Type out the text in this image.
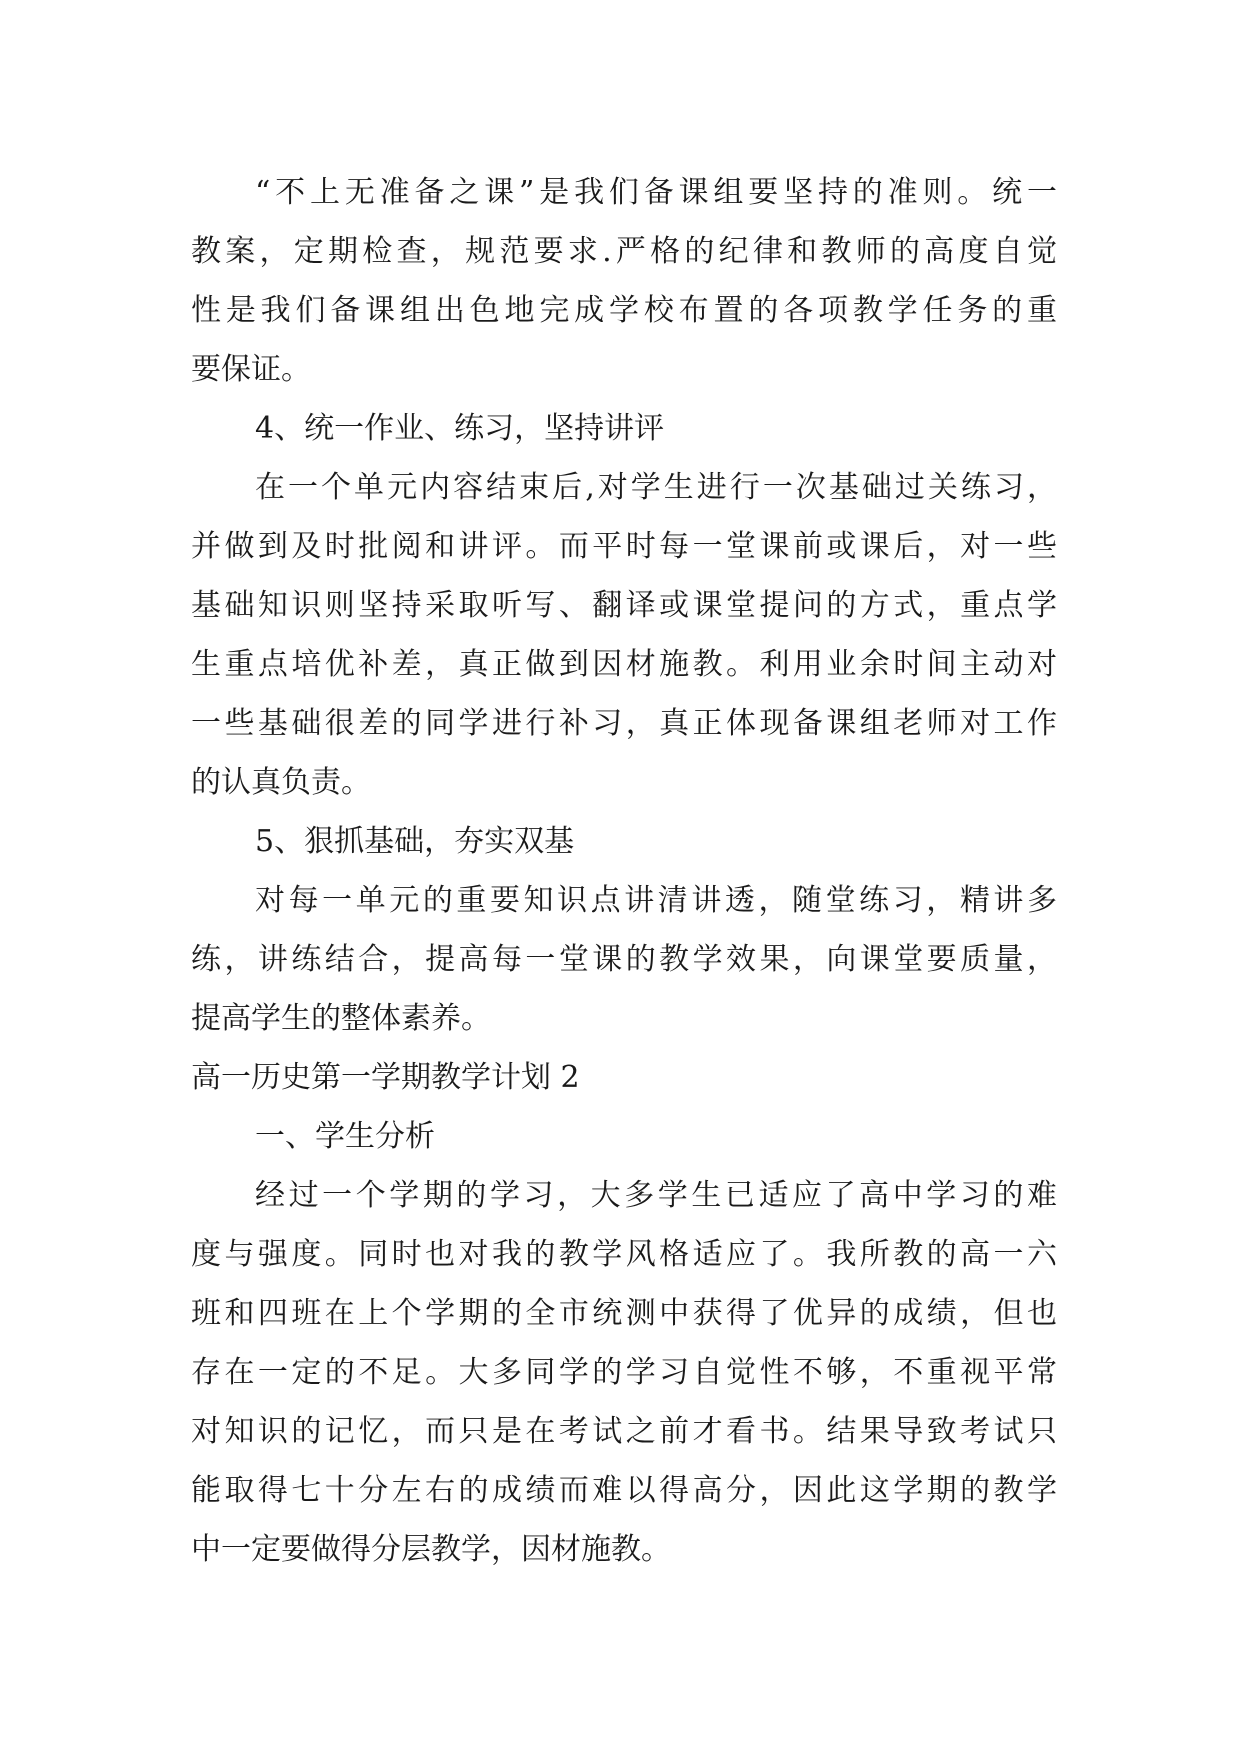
“不上无准备之课”是我们备课组要坚持的准则。统一
教案，定期检查，规范要求.严格的纪律和教师的高度自觉
性是我们备课组出色地完成学校布置的各项教学任务的重
要保证。
4、统一作业、练习，坚持讲评
在一个单元内容结束后,对学生进行一次基础过关练习，
并做到及时批阅和讲评。而平时每一堂课前或课后，对一些
基础知识则坚持采取听写、翻译或课堂提问的方式，重点学
生重点培优补差，真正做到因材施教。利用业余时间主动对
一些基础很差的同学进行补习，真正体现备课组老师对工作
的认真负责。
5、狠抓基础，夯实双基
对每一单元的重要知识点讲清讲透，随堂练习，精讲多
练，讲练结合，提高每一堂课的教学效果，向课堂要质量，
提高学生的整体素养。
高一历史第一学期教学计划 2
一、学生分析
经过一个学期的学习，大多学生已适应了高中学习的难
度与强度。同时也对我的教学风格适应了。我所教的高一六
班和四班在上个学期的全市统测中获得了优异的成绩，但也
存在一定的不足。大多同学的学习自觉性不够，不重视平常
对知识的记忆，而只是在考试之前才看书。结果导致考试只
能取得七十分左右的成绩而难以得高分，因此这学期的教学
中一定要做得分层教学，因材施教。
